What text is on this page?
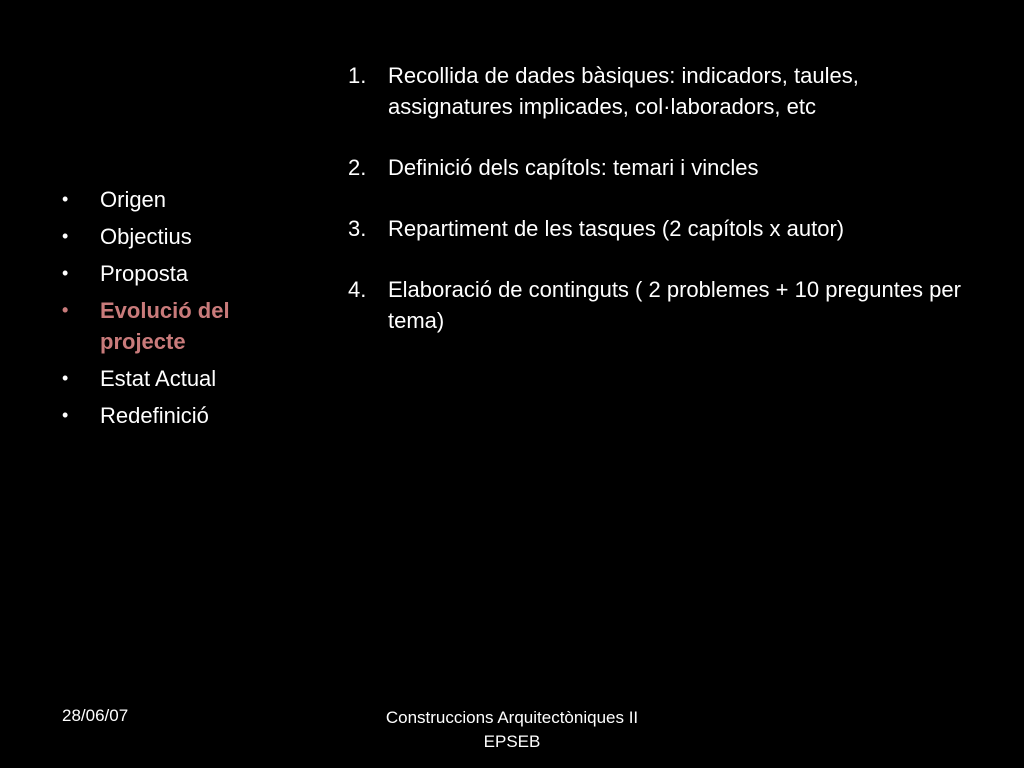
•	Origen
•	Objectius
•	Proposta
•	Evolució del projecte
•	Estat Actual
•	Redefinició
1. Recollida de dades bàsiques: indicadors, taules, assignatures implicades, col·laboradors, etc
2. Definició dels capítols: temari i vincles
3. Repartiment de les tasques (2 capítols x autor)
4. Elaboració de continguts ( 2 problemes + 10 preguntes per tema)
28/06/07	Construccions Arquitectòniques II
EPSEB
